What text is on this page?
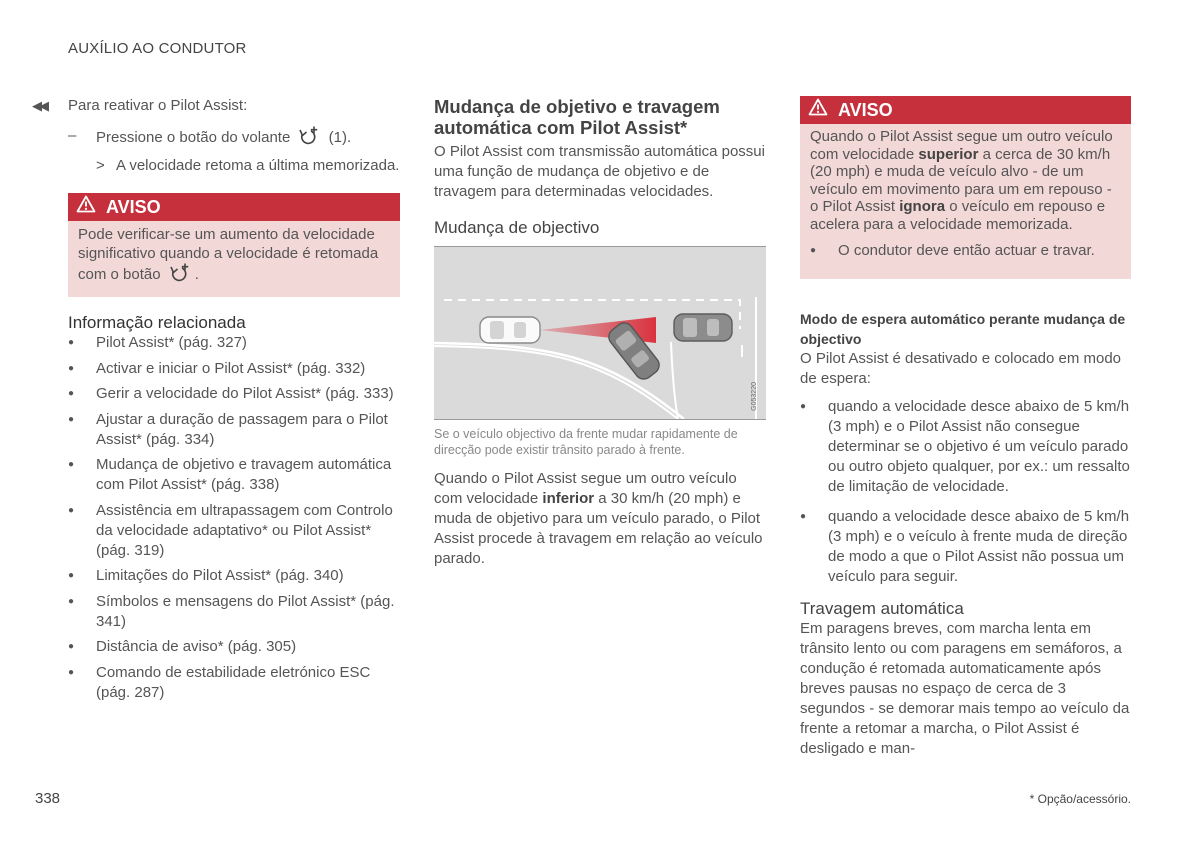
AUXÍLIO AO CONDUTOR
◀◀ Para reativar o Pilot Assist:
– Pressione o botão do volante	(1).
> A velocidade retoma a última memorizada.
AVISO
Pode verificar-se um aumento da velocidade significativo quando a velocidade é retomada com o botão .
Informação relacionada
● Pilot Assist* (pág. 327)
● Activar e iniciar o Pilot Assist* (pág. 332)
● Gerir a velocidade do Pilot Assist* (pág. 333)
● Ajustar a duração de passagem para o Pilot Assist* (pág. 334)
● Mudança de objetivo e travagem automática com Pilot Assist* (pág. 338)
● Assistência em ultrapassagem com Controlo da velocidade adaptativo* ou Pilot Assist* (pág. 319)
● Limitações do Pilot Assist* (pág. 340)
● Símbolos e mensagens do Pilot Assist* (pág. 341)
● Distância de aviso* (pág. 305)
● Comando de estabilidade eletrónico ESC (pág. 287)
Mudança de objetivo e travagem automática com Pilot Assist*

O Pilot Assist com transmissão automática possui uma função de mudança de objetivo e de travagem para determinadas velocidades.

Mudança de objectivo
G053220
Se o veículo objectivo da frente mudar rapidamente de direcção pode existir trânsito parado à frente.

Quando o Pilot Assist segue um outro veículo com velocidade inferior a 30 km/h (20 mph) e muda de objetivo para um veículo parado, o Pilot Assist procede à travagem em relação ao veículo parado.

AVISO
Quando o Pilot Assist segue um outro veículo com velocidade superior a cerca de 30 km/h (20 mph) e muda de veículo alvo - de um veículo em movimento para um em repouso - o Pilot Assist ignora o veículo em repouso e acelera para a velocidade memorizada.
● O condutor deve então actuar e travar.
Modo de espera automático perante mudança de objectivo
O Pilot Assist é desativado e colocado em modo de espera:
● quando a velocidade desce abaixo de 5 km/h (3 mph) e o Pilot Assist não consegue determinar se o objetivo é um veículo parado ou outro objeto qualquer, por ex.: um ressalto de limitação de velocidade.
● quando a velocidade desce abaixo de 5 km/h (3 mph) e o veículo à frente muda de direção de modo a que o Pilot Assist não possua um veículo para seguir.
Travagem automática
Em paragens breves, com marcha lenta em trânsito lento ou com paragens em semáforos, a condução é retomada automaticamente após breves pausas no espaço de cerca de 3 segundos - se demorar mais tempo ao veículo da frente a retomar a marcha, o Pilot Assist é desligado e man-
338	* Opção/acessório.
